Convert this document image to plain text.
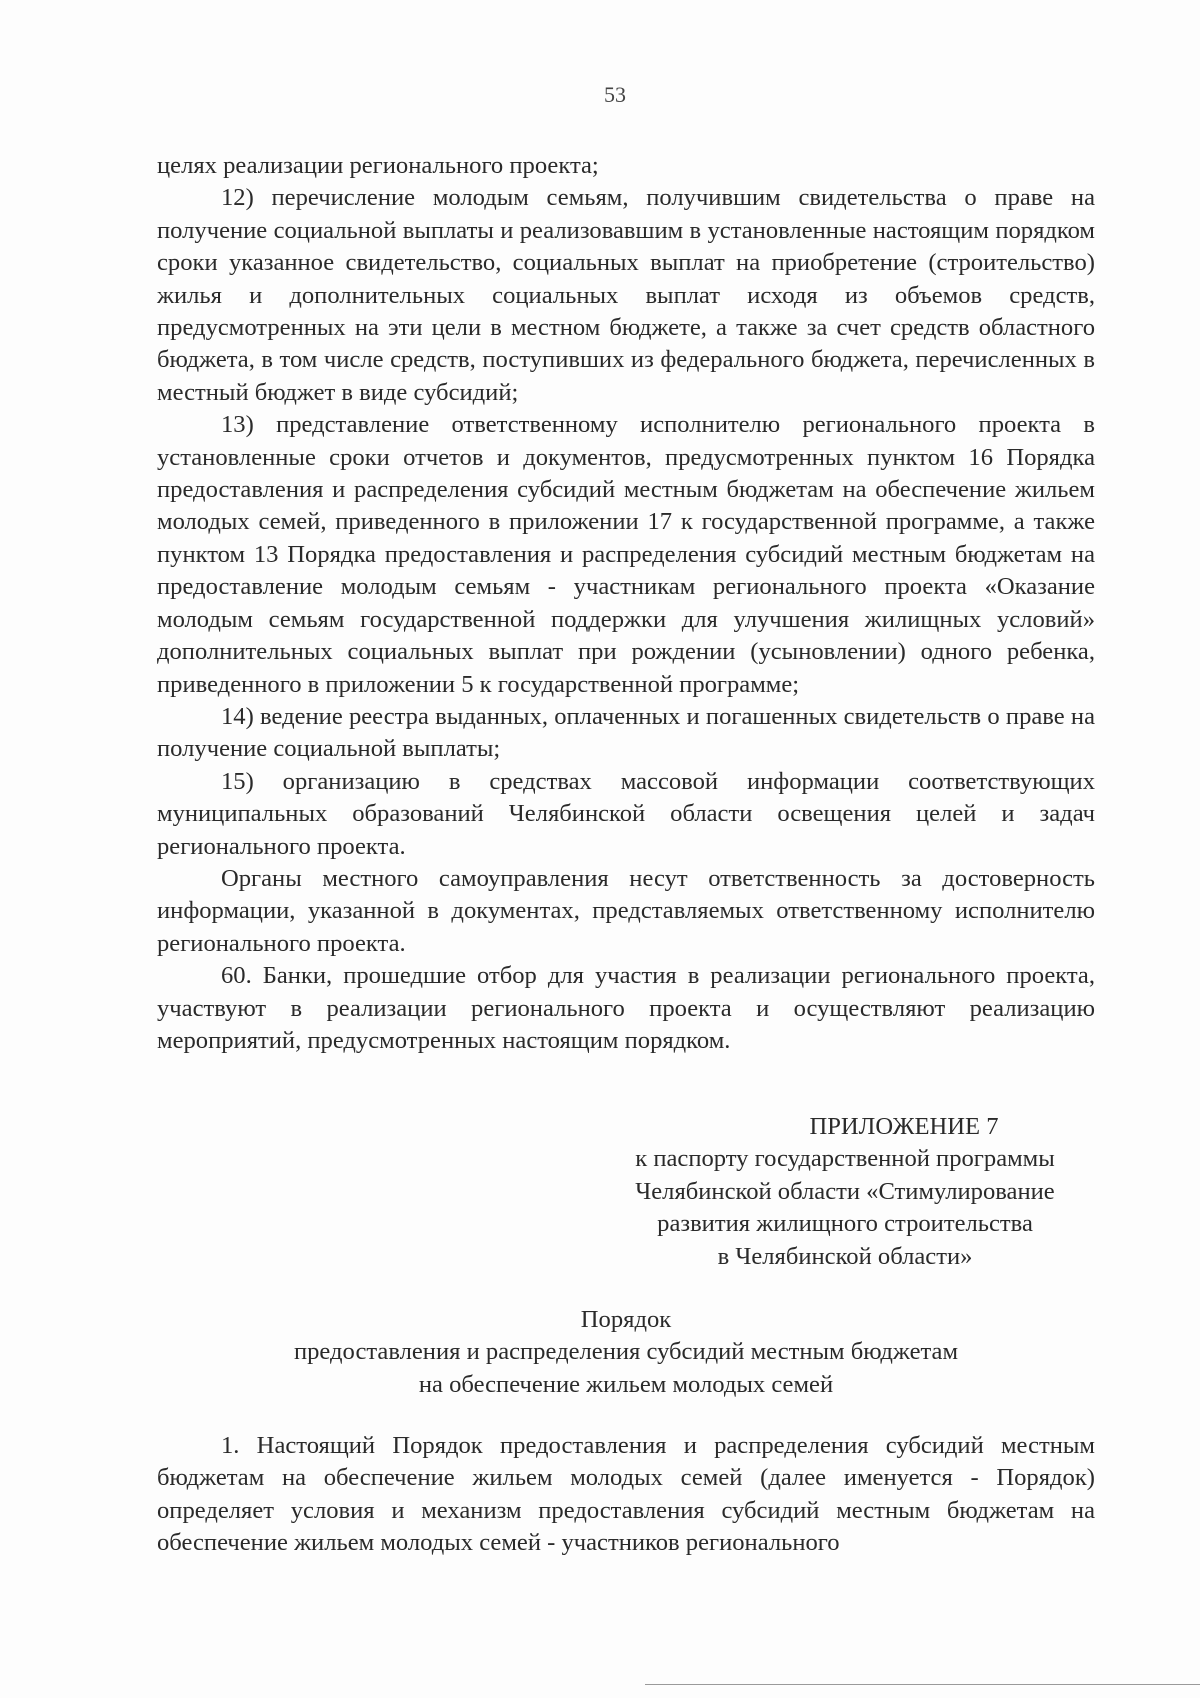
53

целях реализации регионального проекта;

12) перечисление молодым семьям, получившим свидетельства о праве на получение социальной выплаты и реализовавшим в установленные настоящим порядком сроки указанное свидетельство, социальных выплат на приобретение (строительство) жилья и дополнительных социальных выплат исходя из объемов средств, предусмотренных на эти цели в местном бюджете, а также за счет средств областного бюджета, в том числе средств, поступивших из федерального бюджета, перечисленных в местный бюджет в виде субсидий;

13) представление ответственному исполнителю регионального проекта в установленные сроки отчетов и документов, предусмотренных пунктом 16 Порядка предоставления и распределения субсидий местным бюджетам на обеспечение жильем молодых семей, приведенного в приложении 17 к государственной программе, а также пунктом 13 Порядка предоставления и распределения субсидий местным бюджетам на предоставление молодым семьям - участникам регионального проекта «Оказание молодым семьям государственной поддержки для улучшения жилищных условий» дополнительных социальных выплат при рождении (усыновлении) одного ребенка, приведенного в приложении 5 к государственной программе;

14) ведение реестра выданных, оплаченных и погашенных свидетельств о праве на получение социальной выплаты;

15) организацию в средствах массовой информации соответствующих муниципальных образований Челябинской области освещения целей и задач регионального проекта.

Органы местного самоуправления несут ответственность за достоверность информации, указанной в документах, представляемых ответственному исполнителю регионального проекта.

60. Банки, прошедшие отбор для участия в реализации регионального проекта, участвуют в реализации регионального проекта и осуществляют реализацию мероприятий, предусмотренных настоящим порядком.

ПРИЛОЖЕНИЕ 7

к паспорту государственной программы

Челябинской области «Стимулирование

развития жилищного строительства

в Челябинской области»

Порядок

предоставления и распределения субсидий местным бюджетам

на обеспечение жильем молодых семей

1. Настоящий Порядок предоставления и распределения субсидий местным бюджетам на обеспечение жильем молодых семей (далее именуется - Порядок) определяет условия и механизм предоставления субсидий местным бюджетам на обеспечение жильем молодых семей - участников регионального
